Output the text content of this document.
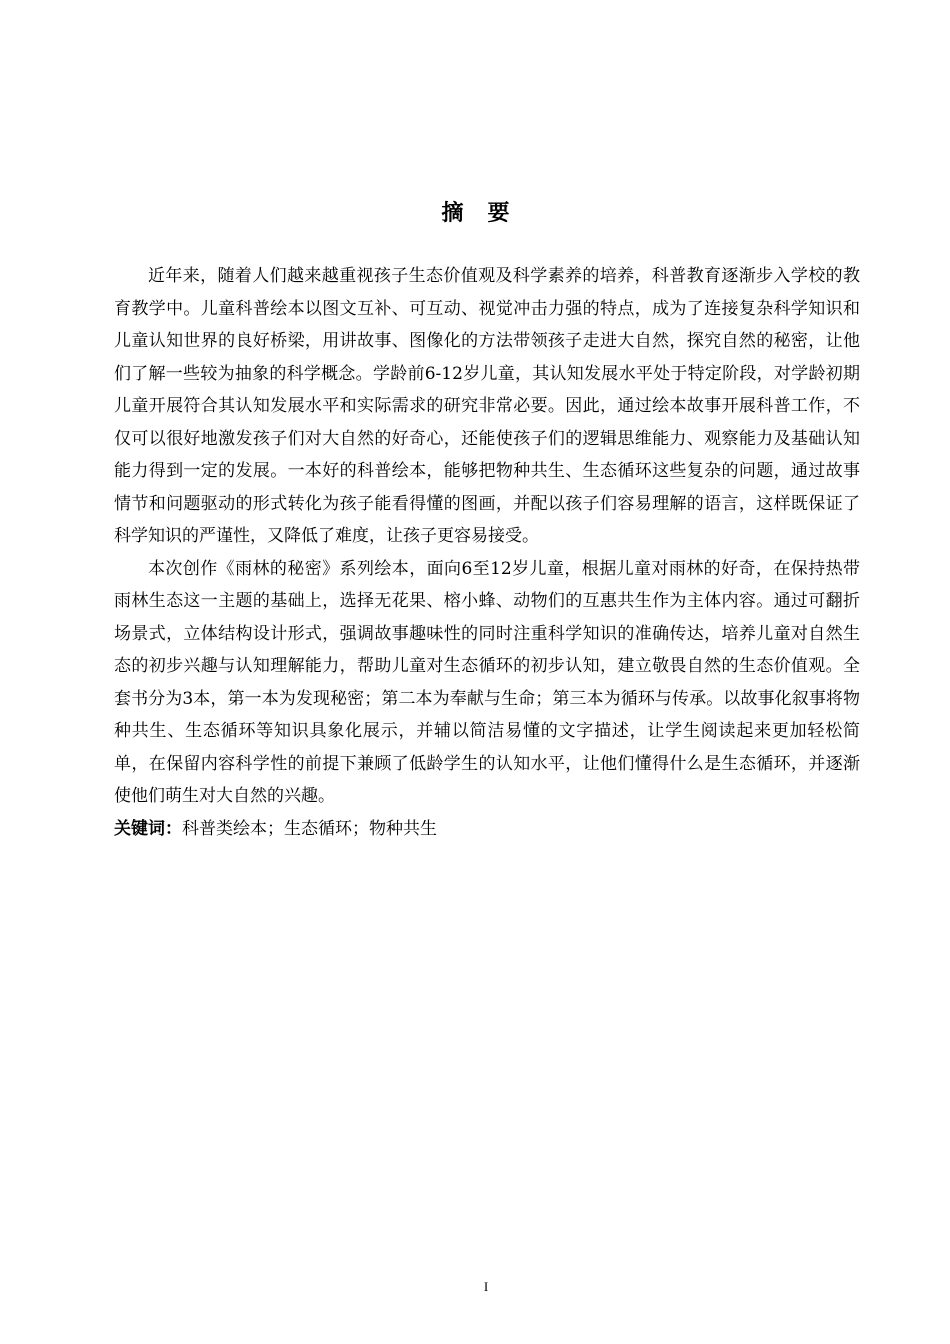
摘要

近年来，随着人们越来越重视孩子生态价值观及科学素养的培养，科普教育逐渐步入学校的教育教学中。儿童科普绘本以图文互补、可互动、视觉冲击力强的特点，成为了连接复杂科学知识和儿童认知世界的良好桥梁，用讲故事、图像化的方法带领孩子走进大自然，探究自然的秘密，让他们了解一些较为抽象的科学概念。学龄前6-12岁儿童，其认知发展水平处于特定阶段，对学龄初期儿童开展符合其认知发展水平和实际需求的研究非常必要。因此，通过绘本故事开展科普工作，不仅可以很好地激发孩子们对大自然的好奇心，还能使孩子们的逻辑思维能力、观察能力及基础认知能力得到一定的发展。一本好的科普绘本，能够把物种共生、生态循环这些复杂的问题，通过故事情节和问题驱动的形式转化为孩子能看得懂的图画，并配以孩子们容易理解的语言，这样既保证了科学知识的严谨性，又降低了难度，让孩子更容易接受。

本次创作《雨林的秘密》系列绘本，面向6至12岁儿童，根据儿童对雨林的好奇，在保持热带雨林生态这一主题的基础上，选择无花果、榕小蜂、动物们的互惠共生作为主体内容。通过可翻折场景式，立体结构设计形式，强调故事趣味性的同时注重科学知识的准确传达，培养儿童对自然生态的初步兴趣与认知理解能力，帮助儿童对生态循环的初步认知，建立敬畏自然的生态价值观。全套书分为3本，第一本为发现秘密；第二本为奉献与生命；第三本为循环与传承。以故事化叙事将物种共生、生态循环等知识具象化展示，并辅以简洁易懂的文字描述，让学生阅读起来更加轻松简单，在保留内容科学性的前提下兼顾了低龄学生的认知水平，让他们懂得什么是生态循环，并逐渐使他们萌生对大自然的兴趣。

关键词：科普类绘本；生态循环；物种共生

I
